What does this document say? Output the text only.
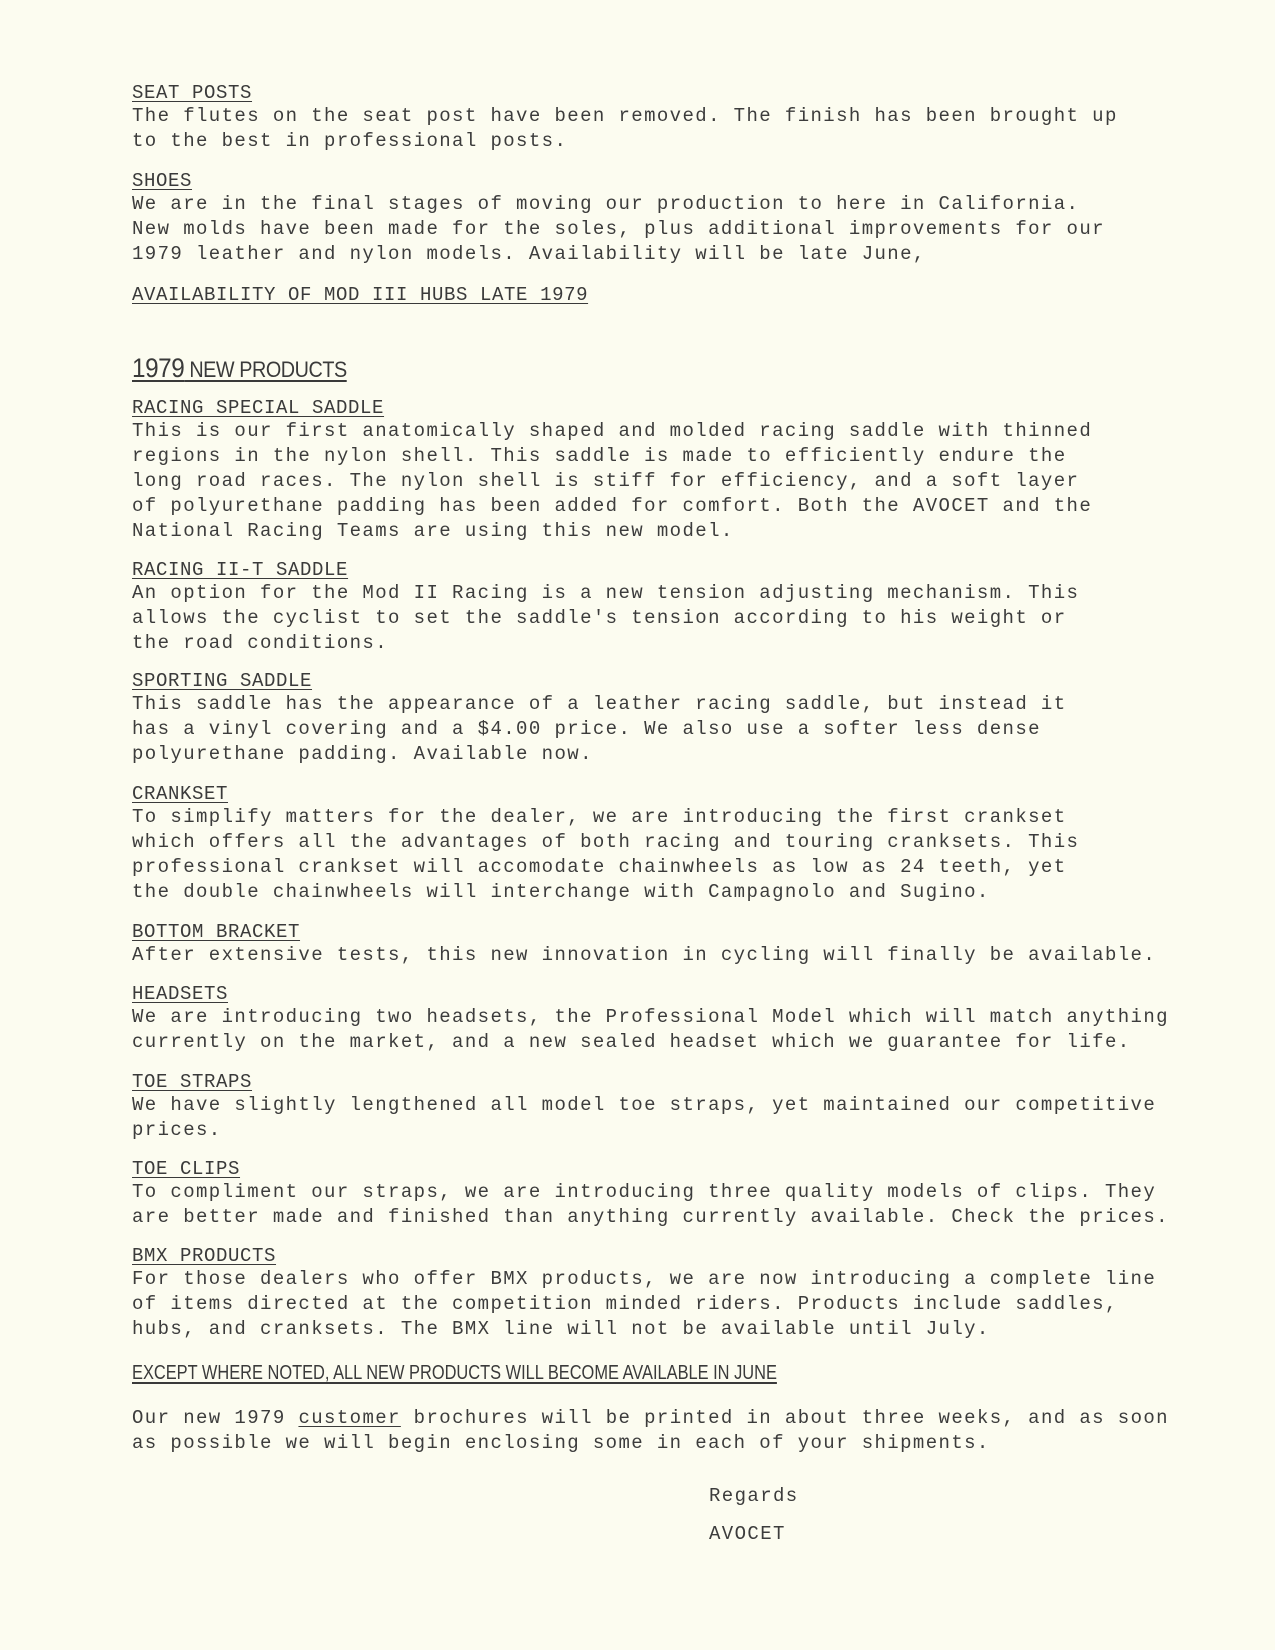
SEAT POSTS

The flutes on the seat post have been removed. The finish has been brought up
to the best in professional posts.

SHOES

We are in the final stages of moving our production to here in California.
New molds have been made for the soles, plus additional improvements for our
1979 leather and nylon models. Availability will be late June,

AVAILABILITY OF MOD III HUBS LATE 1979
1979 NEW PRODUCTS
RACING SPECIAL SADDLE

This is our first anatomically shaped and molded racing saddle with thinned
regions in the nylon shell. This saddle is made to efficiently endure the
long road races. The nylon shell is stiff for efficiency, and a soft layer
of polyurethane padding has been added for comfort. Both the AVOCET and the
National Racing Teams are using this new model.

RACING II-T SADDLE

An option for the Mod II Racing is a new tension adjusting mechanism. This
allows the cyclist to set the saddle's tension according to his weight or
the road conditions.

SPORTING SADDLE

This saddle has the appearance of a leather racing saddle, but instead it
has a vinyl covering and a $4.00 price. We also use a softer less dense
polyurethane padding. Available now.

CRANKSET

To simplify matters for the dealer, we are introducing the first crankset
which offers all the advantages of both racing and touring cranksets. This
professional crankset will accomodate chainwheels as low as 24 teeth, yet
the double chainwheels will interchange with Campagnolo and Sugino.

BOTTOM BRACKET

After extensive tests, this new innovation in cycling will finally be available.

HEADSETS

We are introducing two headsets, the Professional Model which will match anything
currently on the market, and a new sealed headset which we guarantee for life.

TOE STRAPS

We have slightly lengthened all model toe straps, yet maintained our competitive
prices.

TOE CLIPS

To compliment our straps, we are introducing three quality models of clips. They
are better made and finished than anything currently available. Check the prices.

BMX PRODUCTS

For those dealers who offer BMX products, we are now introducing a complete line
of items directed at the competition minded riders. Products include saddles,
hubs, and cranksets. The BMX line will not be available until July.

EXCEPT WHERE NOTED, ALL NEW PRODUCTS WILL BECOME AVAILABLE IN JUNE

Our new 1979 customer brochures will be printed in about three weeks, and as soon
as possible we will begin enclosing some in each of your shipments.

Regards
AVOCET
